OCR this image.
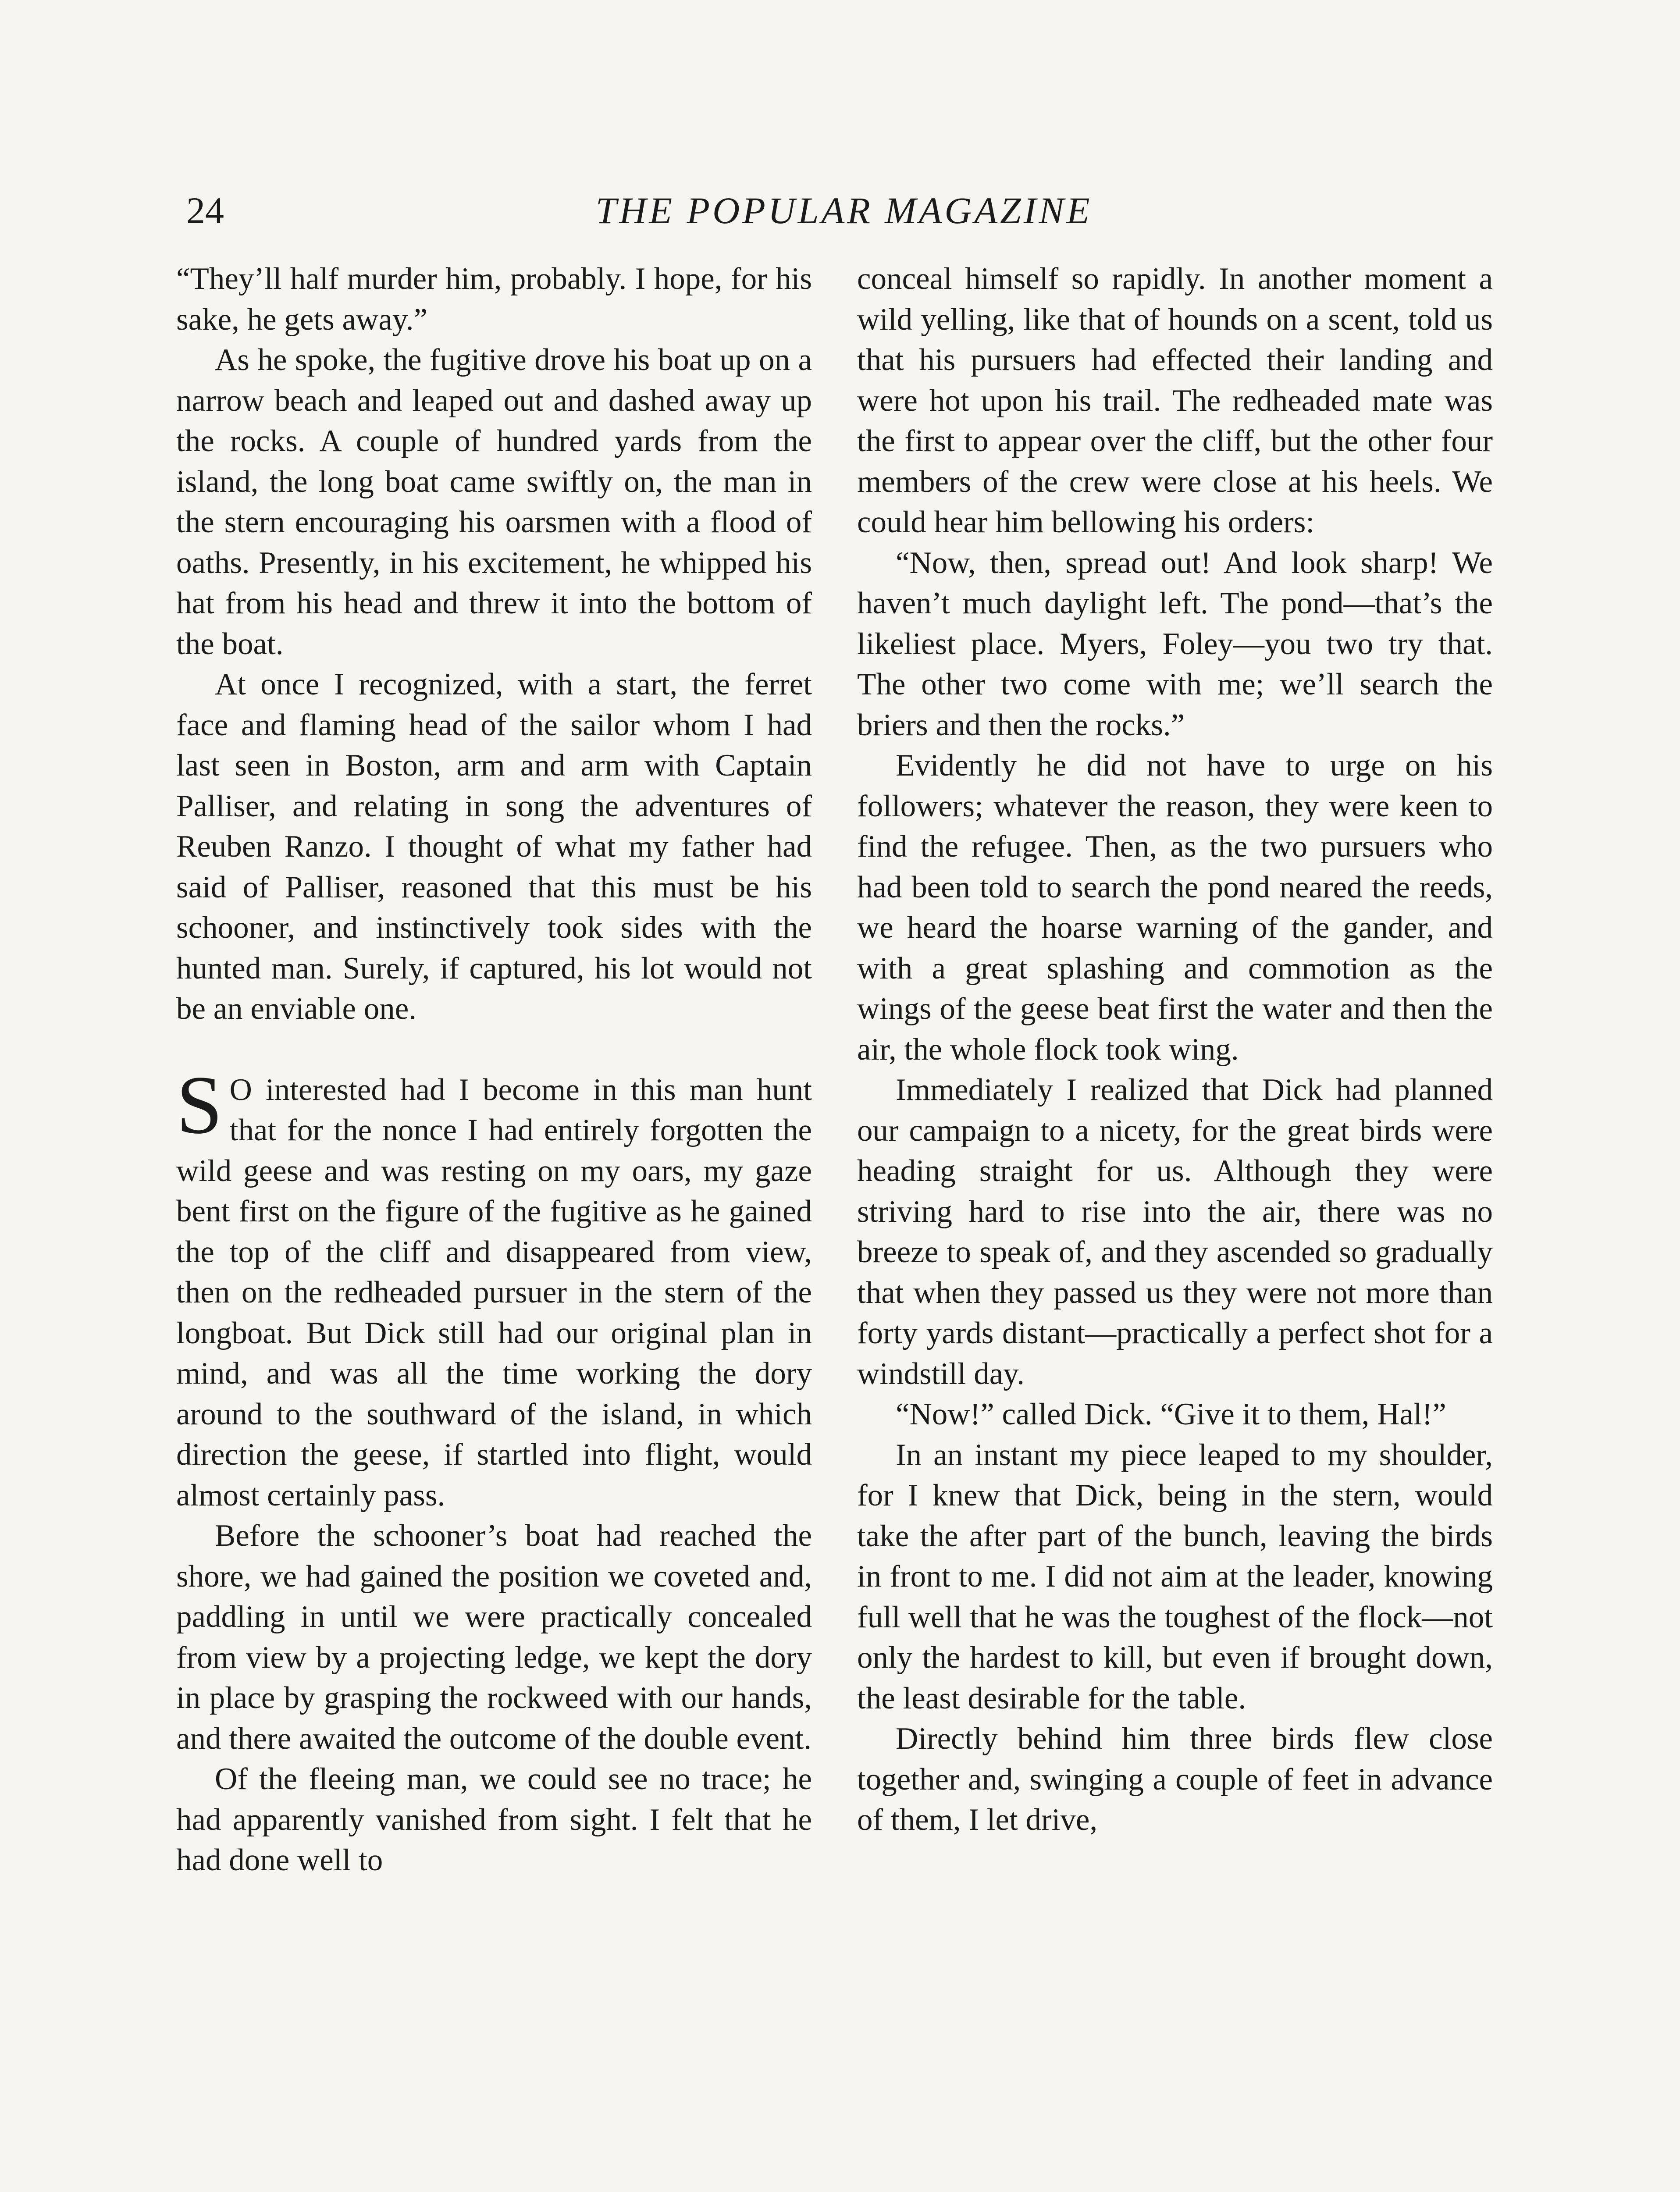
24	THE POPULAR MAGAZINE

“They’ll half murder him, probably. I hope, for his sake, he gets away.”

As he spoke, the fugitive drove his boat up on a narrow beach and leaped out and dashed away up the rocks. A couple of hundred yards from the island, the long boat came swiftly on, the man in the stern encouraging his oarsmen with a flood of oaths. Presently, in his excitement, he whipped his hat from his head and threw it into the bottom of the boat.

At once I recognized, with a start, the ferret face and flaming head of the sailor whom I had last seen in Boston, arm and arm with Captain Palliser, and relating in song the adventures of Reuben Ranzo. I thought of what my father had said of Palliser, reasoned that this must be his schooner, and instinctively took sides with the hunted man. Surely, if captured, his lot would not be an enviable one.

S O interested had I become in this man hunt that for the nonce I had entirely forgotten the wild geese and was resting on my oars, my gaze bent first on the figure of the fugitive as he gained the top of the cliff and disappeared from view, then on the redheaded pursuer in the stern of the longboat. But Dick still had our original plan in mind, and was all the time working the dory around to the southward of the island, in which direction the geese, if startled into flight, would almost certainly pass.

Before the schooner’s boat had reached the shore, we had gained the position we coveted and, paddling in until we were practically concealed from view by a projecting ledge, we kept the dory in place by grasping the rockweed with our hands, and there awaited the outcome of the double event.

Of the fleeing man, we could see no trace; he had apparently vanished from sight. I felt that he had done well to

conceal himself so rapidly. In another moment a wild yelling, like that of hounds on a scent, told us that his pursuers had effected their landing and were hot upon his trail. The redheaded mate was the first to appear over the cliff, but the other four members of the crew were close at his heels. We could hear him bellowing his orders:

“Now, then, spread out! And look sharp! We haven’t much daylight left. The pond—that’s the likeliest place. Myers, Foley—you two try that. The other two come with me; we’ll search the briers and then the rocks.”

Evidently he did not have to urge on his followers; whatever the reason, they were keen to find the refugee. Then, as the two pursuers who had been told to search the pond neared the reeds, we heard the hoarse warning of the gander, and with a great splashing and commotion as the wings of the geese beat first the water and then the air, the whole flock took wing.

Immediately I realized that Dick had planned our campaign to a nicety, for the great birds were heading straight for us. Although they were striving hard to rise into the air, there was no breeze to speak of, and they ascended so gradually that when they passed us they were not more than forty yards distant—practically a perfect shot for a windstill day.

“Now!” called Dick. “Give it to them, Hal!”

In an instant my piece leaped to my shoulder, for I knew that Dick, being in the stern, would take the after part of the bunch, leaving the birds in front to me. I did not aim at the leader, knowing full well that he was the toughest of the flock—not only the hardest to kill, but even if brought down, the least desirable for the table.

Directly behind him three birds flew close together and, swinging a couple of feet in advance of them, I let drive,
